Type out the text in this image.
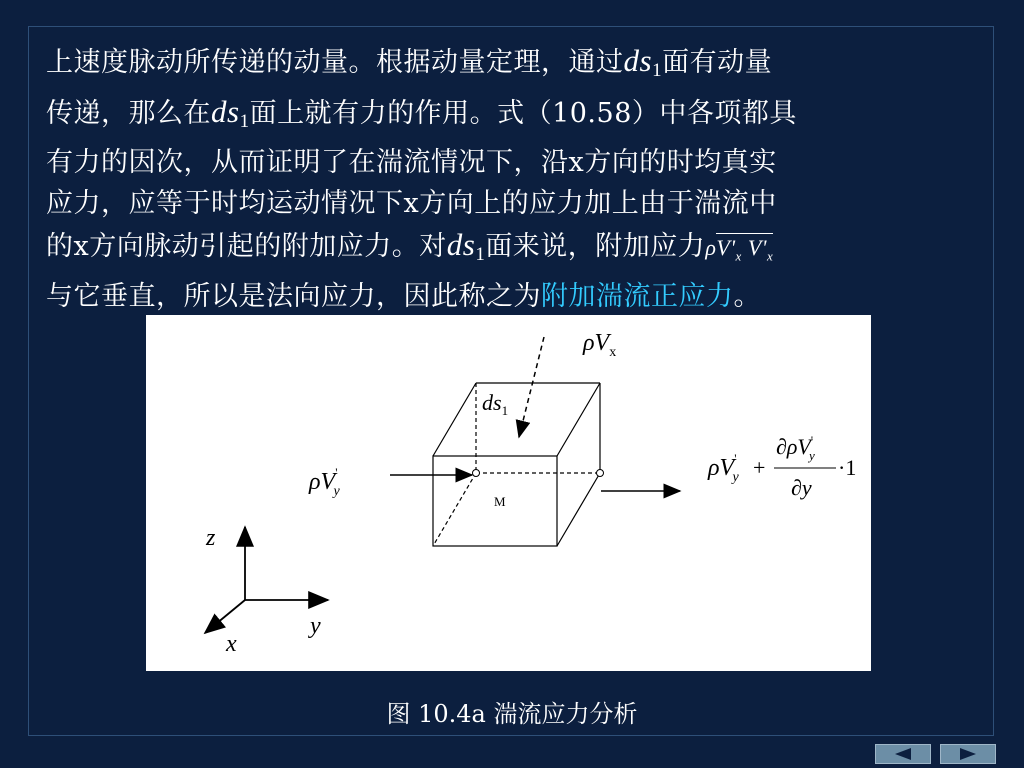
上速度脉动所传递的动量。根据动量定理，通过$ds_1$面有动量
传递，那么在$ds_1$面上就有力的作用。式（10.58）中各项都具
有力的因次，从而证明了在湍流情况下，沿x方向的时均真实
应力，应等于时均运动情况下x方向上的应力加上由于湍流中
的x方向脉动引起的附加应力。对$ds_1$面来说，附加应力$\rho V'_x$ $V'_x$
与它垂直，所以是法向应力，因此称之为附加湍流正应力。
$\rho V_x$
$ds_1$
M
ρV' y
ρV' y +
∂ρV' y
∂y
·1
z
y
x
图 10.4a 湍流应力分析
